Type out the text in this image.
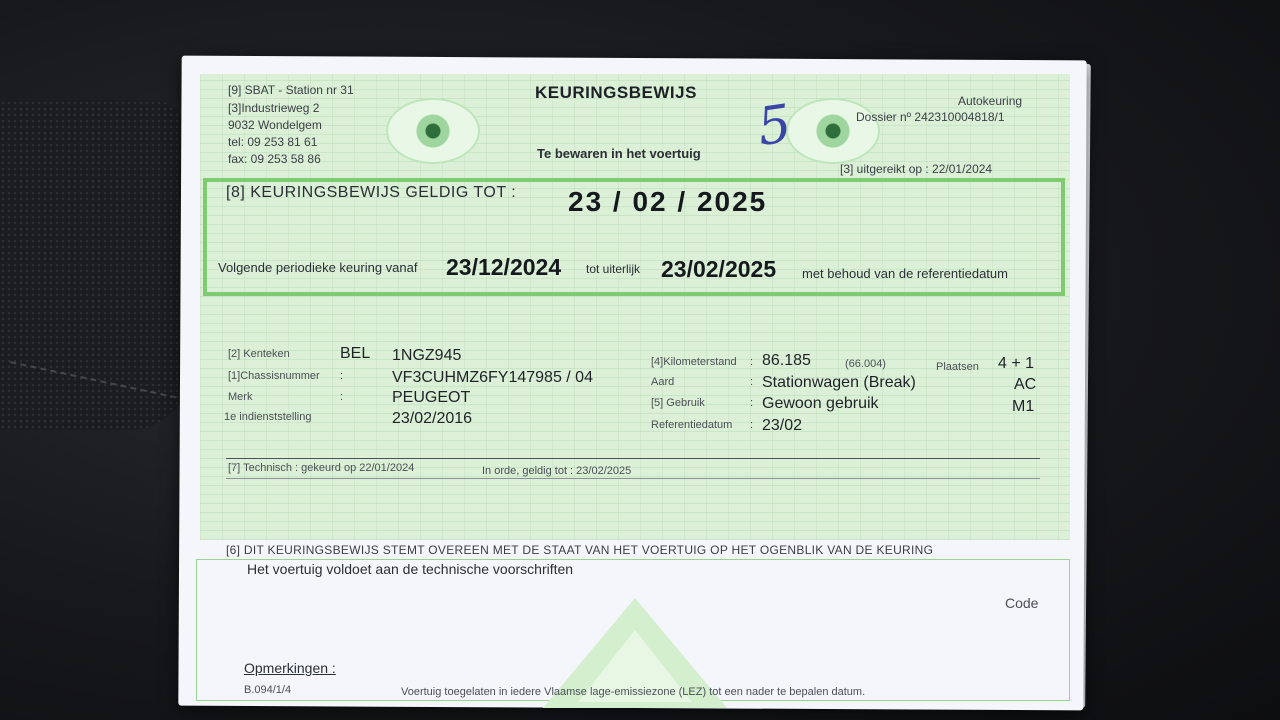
[9] SBAT - Station nr 31
[3]Industrieweg 2
9032 Wondelgem
tel: 09 253 81 61
fax: 09 253 58 86
KEURINGSBEWIJS
Te bewaren in het voertuig
Autokeuring
Dossier nº 242310004818/1
[3] uitgereikt op : 22/01/2024
5
[8] KEURINGSBEWIJS GELDIG TOT : 23 / 02 / 2025
Volgende periodieke keuring vanaf 23/12/2024 tot uiterlijk 23/02/2025 met behoud van de referentiedatum
[2] Kenteken	BEL 1NGZ945
[1]Chassisnummer :	VF3CUHMZ6FY147985 / 04
Merk	:	PEUGEOT
1e indienststelling	23/02/2016
[4]Kilometerstand : 86.185	(66.004)	Plaatsen 4 + 1
Aard	: Stationwagen (Break)	AC
[5] Gebruik	: Gewoon gebruik	M1
Referentiedatum : 23/02
[7] Technisch : gekeurd op 22/01/2024	In orde, geldig tot : 23/02/2025
[6] DIT KEURINGSBEWIJS STEMT OVEREEN MET DE STAAT VAN HET VOERTUIG OP HET OGENBLIK VAN DE KEURING
Het voertuig voldoet aan de technische voorschriften
Code
Opmerkingen :
B.094/1/4	Voertuig toegelaten in iedere Vlaamse lage-emissiezone (LEZ) tot een nader te bepalen datum.
